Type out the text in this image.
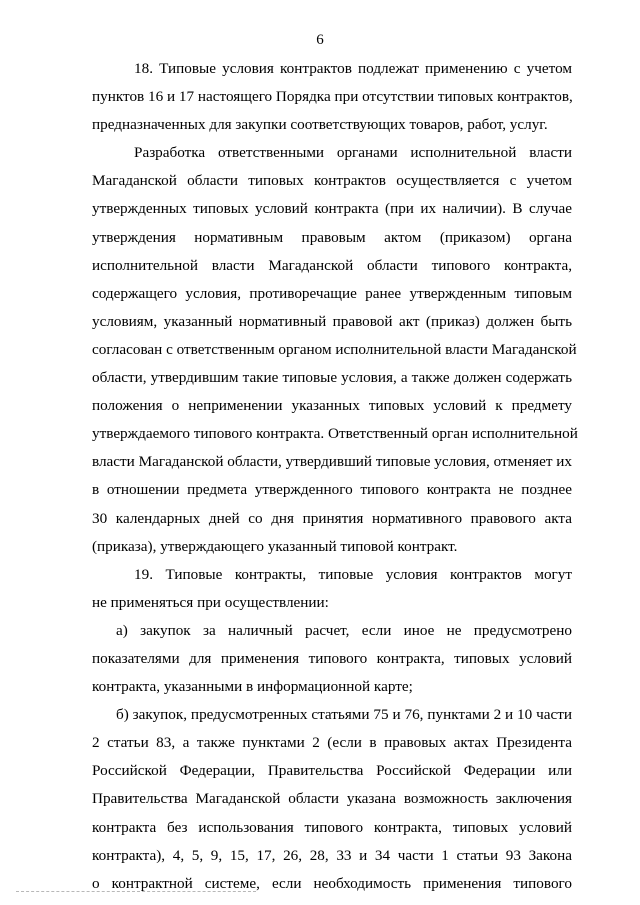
6
18. Типовые условия контрактов подлежат применению с учетом
пунктов 16 и 17 настоящего Порядка при отсутствии типовых контрактов,
предназначенных для закупки соответствующих товаров, работ, услуг.
Разработка ответственными органами исполнительной власти
Магаданской области типовых контрактов осуществляется с учетом
утвержденных типовых условий контракта (при их наличии). В случае
утверждения нормативным правовым актом (приказом) органа
исполнительной власти Магаданской области типового контракта,
содержащего условия, противоречащие ранее утвержденным типовым
условиям, указанный нормативный правовой акт (приказ) должен быть
согласован с ответственным органом исполнительной власти Магаданской
области, утвердившим такие типовые условия, а также должен содержать
положения о неприменении указанных типовых условий к предмету
утверждаемого типового контракта. Ответственный орган исполнительной
власти Магаданской области, утвердивший типовые условия, отменяет их
в отношении предмета утвержденного типового контракта не позднее
30 календарных дней со дня принятия нормативного правового акта
(приказа), утверждающего указанный типовой контракт.
19. Типовые контракты, типовые условия контрактов могут
не применяться при осуществлении:
а) закупок за наличный расчет, если иное не предусмотрено
показателями для применения типового контракта, типовых условий
контракта, указанными в информационной карте;
б) закупок, предусмотренных статьями 75 и 76, пунктами 2 и 10 части
2 статьи 83, а также пунктами 2 (если в правовых актах Президента
Российской Федерации, Правительства Российской Федерации или
Правительства Магаданской области указана возможность заключения
контракта без использования типового контракта, типовых условий
контракта), 4, 5, 9, 15, 17, 26, 28, 33 и 34 части 1 статьи 93 Закона
о контрактной системе, если необходимость применения типового
